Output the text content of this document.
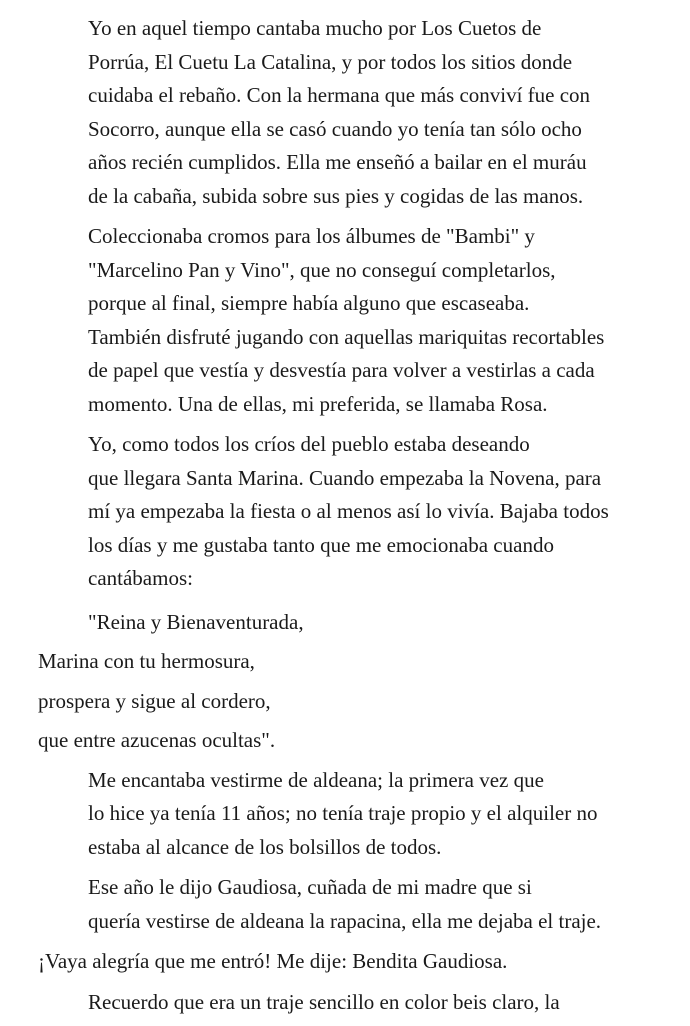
Yo en aquel tiempo cantaba mucho por Los Cuetos de
Porrúa, El Cuetu La Catalina, y por todos los sitios donde
cuidaba el rebaño. Con la hermana que más conviví fue con
Socorro, aunque ella se casó cuando yo tenía tan sólo ocho
años recién cumplidos. Ella me enseñó a bailar en el muráu
de la cabaña, subida sobre sus pies y cogidas de las manos.

Coleccionaba cromos para los álbumes de "Bambi" y
"Marcelino Pan y Vino", que no conseguí completarlos,
porque al final, siempre había alguno que escaseaba.
También disfruté jugando con aquellas mariquitas recortables
de papel que vestía y desvestía para volver a vestirlas a cada
momento. Una de ellas, mi preferida, se llamaba Rosa.

Yo, como todos los críos del pueblo estaba deseando
que llegara Santa Marina. Cuando empezaba la Novena, para
mí ya empezaba la fiesta o al menos así lo vivía. Bajaba todos
los días y me gustaba tanto que me emocionaba cuando
cantábamos:

"Reina y Bienaventurada,

Marina con tu hermosura,

prospera y sigue al cordero,

que entre azucenas ocultas".

Me encantaba vestirme de aldeana; la primera vez que
lo hice ya tenía 11 años; no tenía traje propio y el alquiler no
estaba al alcance de los bolsillos de todos.

Ese año le dijo Gaudiosa, cuñada de mi madre que si
quería vestirse de aldeana la rapacina, ella me dejaba el traje.

¡Vaya alegría que me entró! Me dije: Bendita Gaudiosa.

Recuerdo que era un traje sencillo en color beis claro, la
